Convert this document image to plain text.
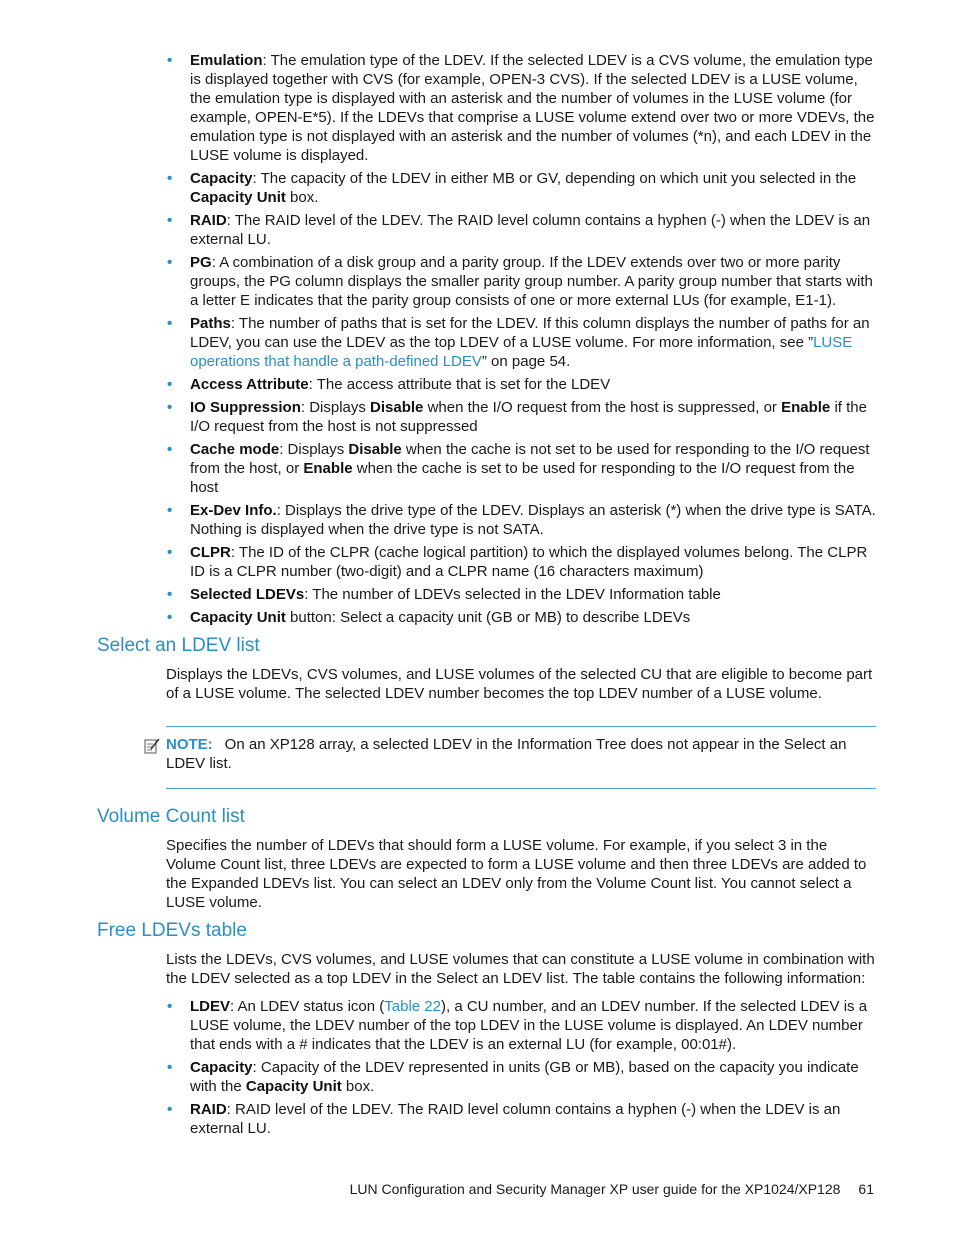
• Emulation: The emulation type of the LDEV. If the selected LDEV is a CVS volume, the emulation type is displayed together with CVS (for example, OPEN-3 CVS). If the selected LDEV is a LUSE volume, the emulation type is displayed with an asterisk and the number of volumes in the LUSE volume (for example, OPEN-E*5). If the LDEVs that comprise a LUSE volume extend over two or more VDEVs, the emulation type is not displayed with an asterisk and the number of volumes (*n), and each LDEV in the LUSE volume is displayed.
• Capacity: The capacity of the LDEV in either MB or GV, depending on which unit you selected in the Capacity Unit box.
• RAID: The RAID level of the LDEV. The RAID level column contains a hyphen (-) when the LDEV is an external LU.
• PG: A combination of a disk group and a parity group. If the LDEV extends over two or more parity groups, the PG column displays the smaller parity group number. A parity group number that starts with a letter E indicates that the parity group consists of one or more external LUs (for example, E1-1).
• Paths: The number of paths that is set for the LDEV. If this column displays the number of paths for an LDEV, you can use the LDEV as the top LDEV of a LUSE volume. For more information, see ”LUSE operations that handle a path-defined LDEV” on page 54.
• Access Attribute: The access attribute that is set for the LDEV
• IO Suppression: Displays Disable when the I/O request from the host is suppressed, or Enable if the I/O request from the host is not suppressed
• Cache mode: Displays Disable when the cache is not set to be used for responding to the I/O request from the host, or Enable when the cache is set to be used for responding to the I/O request from the host
• Ex-Dev Info.: Displays the drive type of the LDEV. Displays an asterisk (*) when the drive type is SATA. Nothing is displayed when the drive type is not SATA.
• CLPR: The ID of the CLPR (cache logical partition) to which the displayed volumes belong. The CLPR ID is a CLPR number (two-digit) and a CLPR name (16 characters maximum)
• Selected LDEVs: The number of LDEVs selected in the LDEV Information table
• Capacity Unit button: Select a capacity unit (GB or MB) to describe LDEVs
Select an LDEV list

Displays the LDEVs, CVS volumes, and LUSE volumes of the selected CU that are eligible to become part of a LUSE volume. The selected LDEV number becomes the top LDEV number of a LUSE volume.

NOTE: On an XP128 array, a selected LDEV in the Information Tree does not appear in the Select an LDEV list.

Volume Count list

Specifies the number of LDEVs that should form a LUSE volume. For example, if you select 3 in the Volume Count list, three LDEVs are expected to form a LUSE volume and then three LDEVs are added to the Expanded LDEVs list. You can select an LDEV only from the Volume Count list. You cannot select a LUSE volume.

Free LDEVs table

Lists the LDEVs, CVS volumes, and LUSE volumes that can constitute a LUSE volume in combination with the LDEV selected as a top LDEV in the Select an LDEV list. The table contains the following information:

• LDEV: An LDEV status icon (Table 22), a CU number, and an LDEV number. If the selected LDEV is a LUSE volume, the LDEV number of the top LDEV in the LUSE volume is displayed. An LDEV number that ends with a # indicates that the LDEV is an external LU (for example, 00:01#).
• Capacity: Capacity of the LDEV represented in units (GB or MB), based on the capacity you indicate with the Capacity Unit box.
• RAID: RAID level of the LDEV. The RAID level column contains a hyphen (-) when the LDEV is an external LU.
LUN Configuration and Security Manager XP user guide for the XP1024/XP128 61
